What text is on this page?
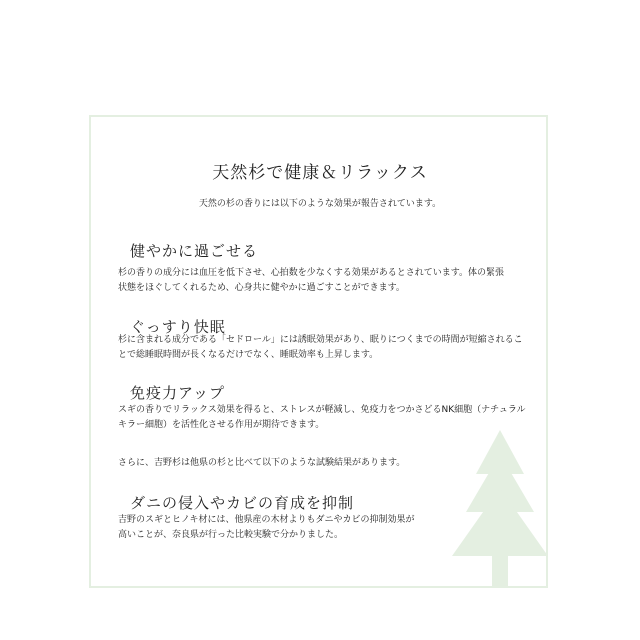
天然杉で健康＆リラックス
天然の杉の香りには以下のような効果が報告されています。
健やかに過ごせる

杉の香りの成分には血圧を低下させ、心拍数を少なくする効果があるとされています。体の緊張

状態をほぐしてくれるため、心身共に健やかに過ごすことができます。

ぐっすり快眠

杉に含まれる成分である「セドロール」には誘眠効果があり、眠りにつくまでの時間が短縮されるこ

とで総睡眠時間が長くなるだけでなく、睡眠効率も上昇します。

免疫力アップ

スギの香りでリラックス効果を得ると、ストレスが軽減し、免疫力をつかさどるNK細胞（ナチュラル

キラー細胞）を活性化させる作用が期待できます。

さらに、吉野杉は他県の杉と比べて以下のような試験結果があります。

ダニの侵入やカビの育成を抑制

吉野のスギとヒノキ材には、他県産の木材よりもダニやカビの抑制効果が

高いことが、奈良県が行った比較実験で分かりました。
